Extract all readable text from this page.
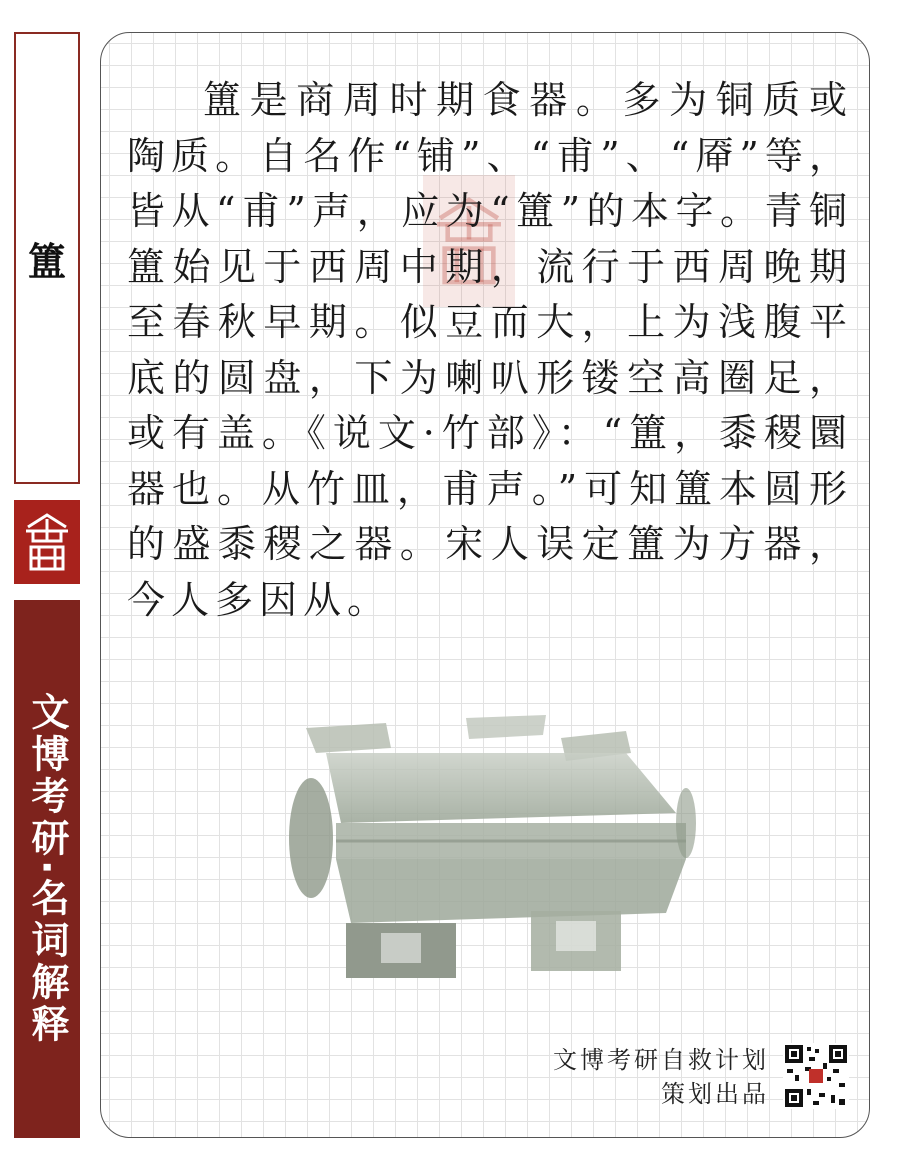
簠
文博考研
·
名词解释

簠是商周时期食器。多为铜质或陶质。自名作“铺”、“甫”、“厣”等，皆从“甫”声，应为“簠”的本字。青铜簠始见于西周中期，流行于西周晚期至春秋早期。似豆而大，上为浅腹平底的圆盘，下为喇叭形镂空高圈足，或有盖。《说文·竹部》：“簠，黍稷圜器也。从竹皿，甫声。”可知簠本圆形的盛黍稷之器。宋人误定簠为方器，今人多因从。

文博考研自救计划
策划出品
